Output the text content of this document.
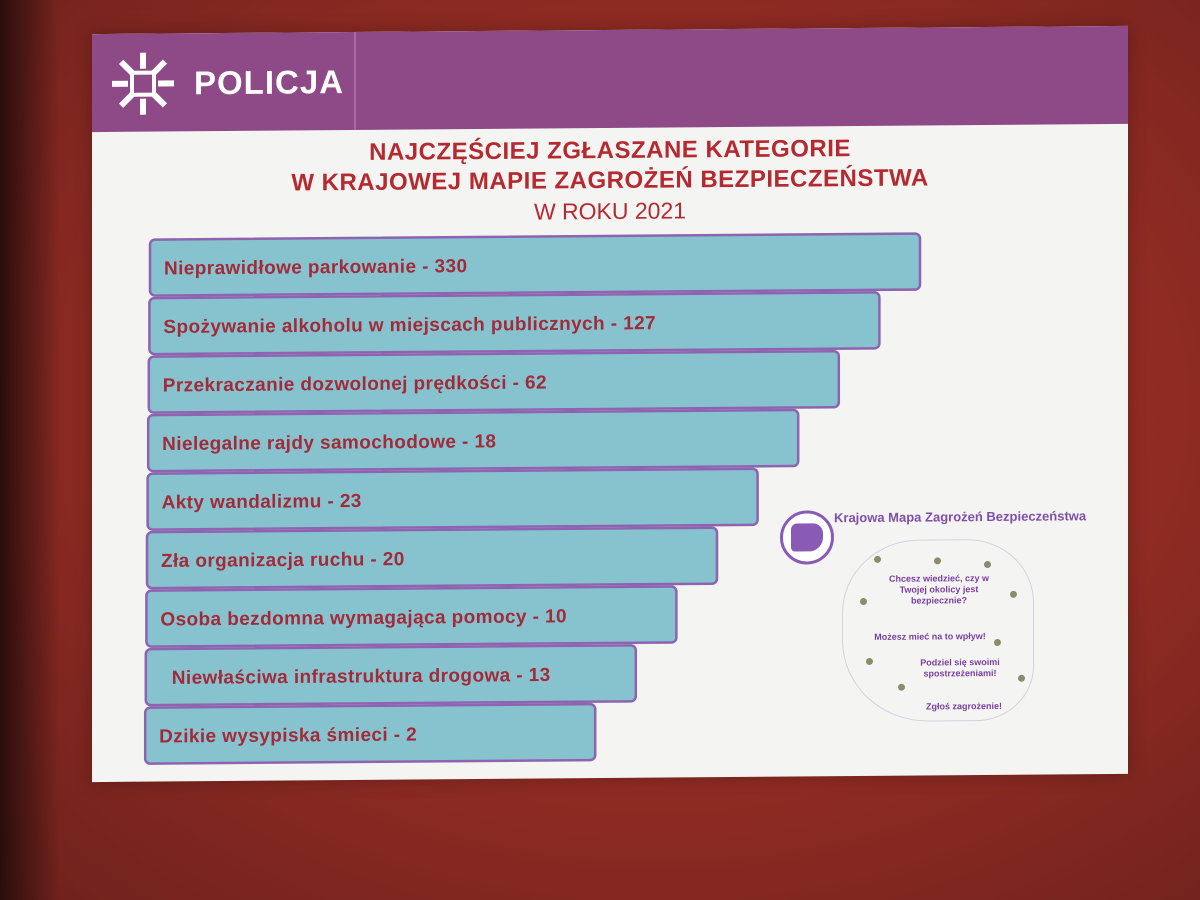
POLICJA
NAJCZĘŚCIEJ ZGŁASZANE KATEGORIE
W KRAJOWEJ MAPIE ZAGROŻEŃ BEZPIECZEŃSTWA
W ROKU 2021
Nieprawidłowe parkowanie - 330
Spożywanie alkoholu w miejscach publicznych - 127
Przekraczanie dozwolonej prędkości - 62
Nielegalne rajdy samochodowe - 18
Akty wandalizmu - 23
Zła organizacja ruchu - 20
Osoba bezdomna wymagająca pomocy - 10
Niewłaściwa infrastruktura drogowa - 13
Dzikie wysypiska śmieci - 2
Krajowa Mapa Zagrożeń Bezpieczeństwa
Chcesz wiedzieć, czy w Twojej okolicy jest bezpiecznie?
Możesz mieć na to wpływ!
Podziel się swoimi spostrzeżeniami!
Zgłoś zagrożenie!
